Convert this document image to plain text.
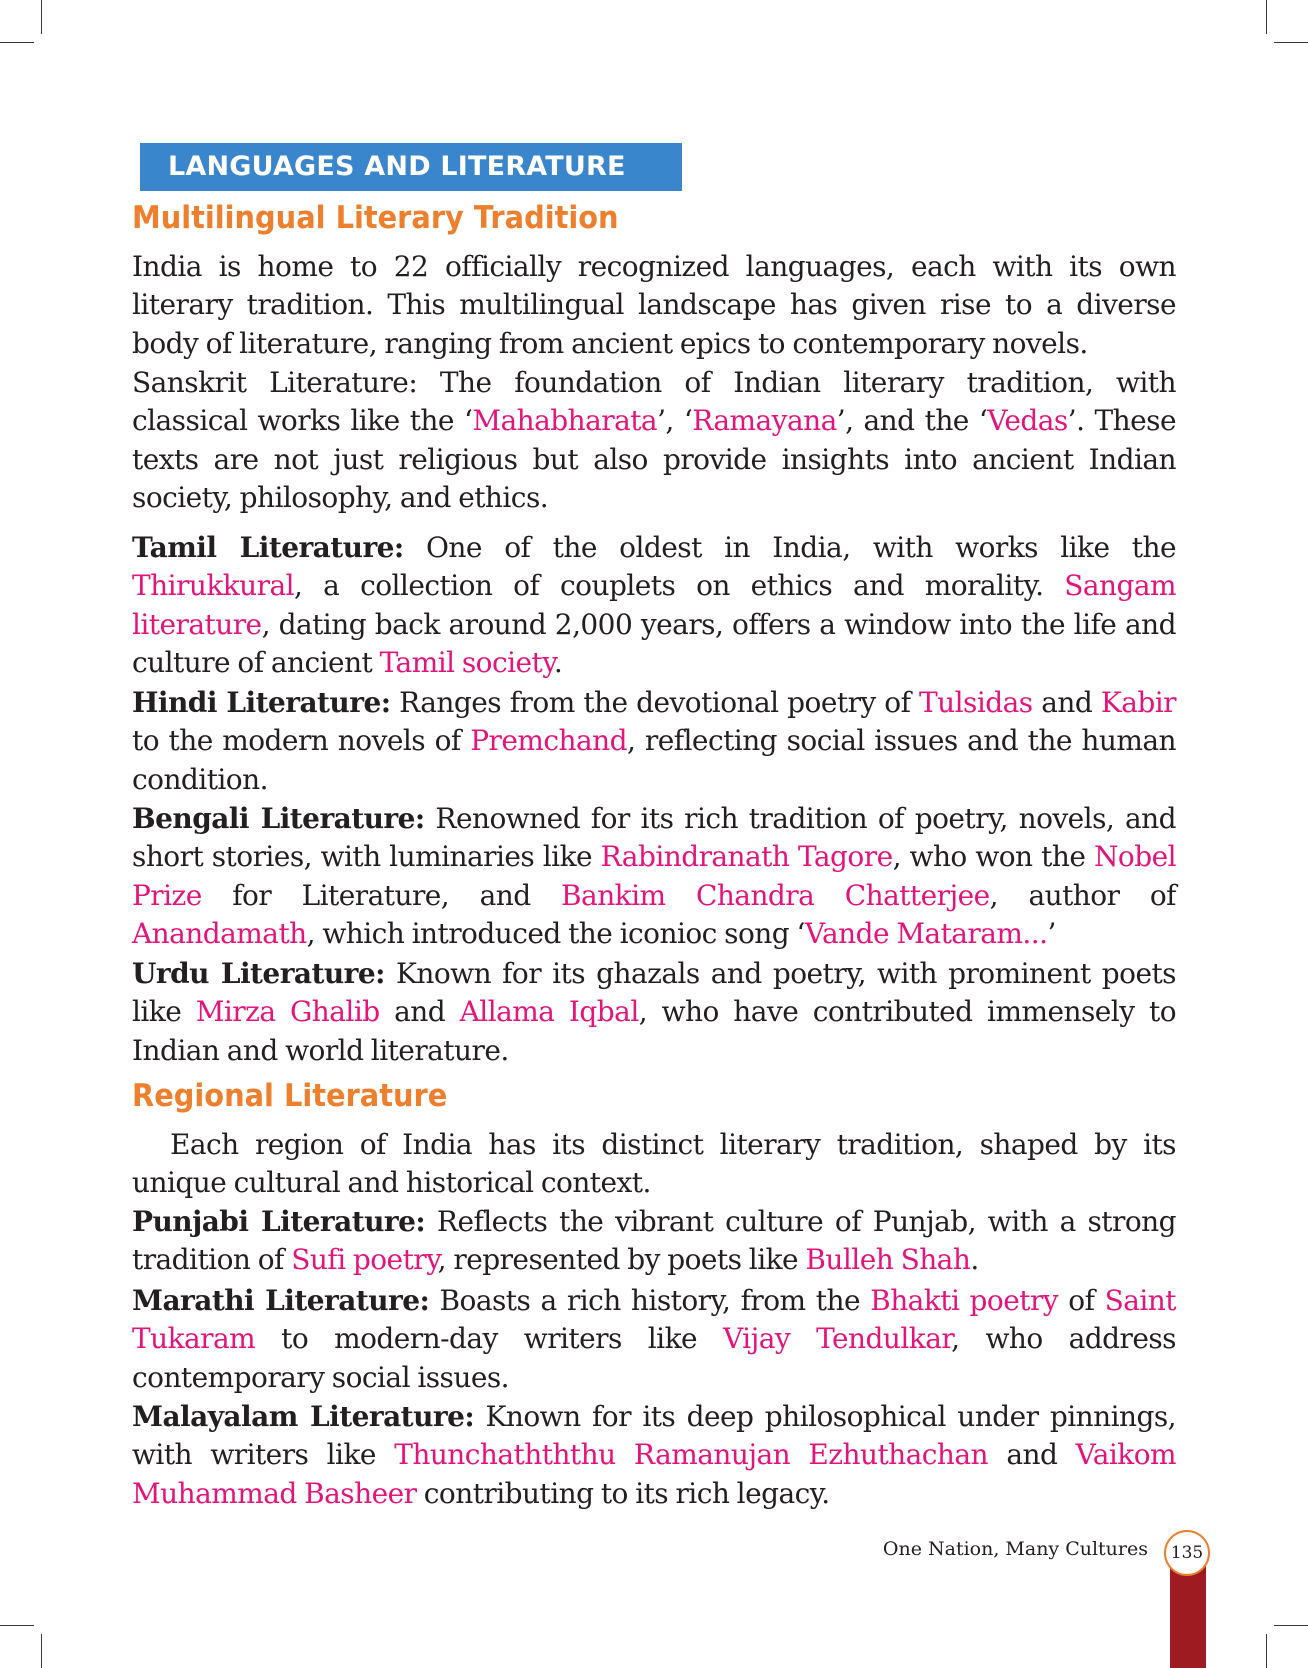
LANGUAGES AND LITERATURE
Multilingual Literary Tradition

India is home to 22 officially recognized languages, each with its own literary tradition. This multilingual landscape has given rise to a diverse body of literature, ranging from ancient epics to contemporary novels.

Sanskrit Literature: The foundation of Indian literary tradition, with classical works like the ‘Mahabharata’, ‘Ramayana’, and the ‘Vedas’. These texts are not just religious but also provide insights into ancient Indian society, philosophy, and ethics.

Tamil Literature: One of the oldest in India, with works like the Thirukkural, a collection of couplets on ethics and morality. Sangam literature, dating back around 2,000 years, offers a window into the life and culture of ancient Tamil society.

Hindi Literature: Ranges from the devotional poetry of Tulsidas and Kabir to the modern novels of Premchand, reflecting social issues and the human condition.

Bengali Literature: Renowned for its rich tradition of poetry, novels, and short stories, with luminaries like Rabindranath Tagore, who won the Nobel Prize for Literature, and Bankim Chandra Chatterjee, author of Anandamath, which introduced the iconioc song ‘Vande Mataram...’

Urdu Literature: Known for its ghazals and poetry, with prominent poets like Mirza Ghalib and Allama Iqbal, who have contributed immensely to Indian and world literature.

Regional Literature

Each region of India has its distinct literary tradition, shaped by its unique cultural and historical context.

Punjabi Literature: Reflects the vibrant culture of Punjab, with a strong tradition of Sufi poetry, represented by poets like Bulleh Shah.

Marathi Literature: Boasts a rich history, from the Bhakti poetry of Saint Tukaram to modern-day writers like Vijay Tendulkar, who address contemporary social issues.

Malayalam Literature: Known for its deep philosophical under pinnings, with writers like Thunchathththu Ramanujan Ezhuthachan and Vaikom Muhammad Basheer contributing to its rich legacy.

One Nation, Many Cultures	135
